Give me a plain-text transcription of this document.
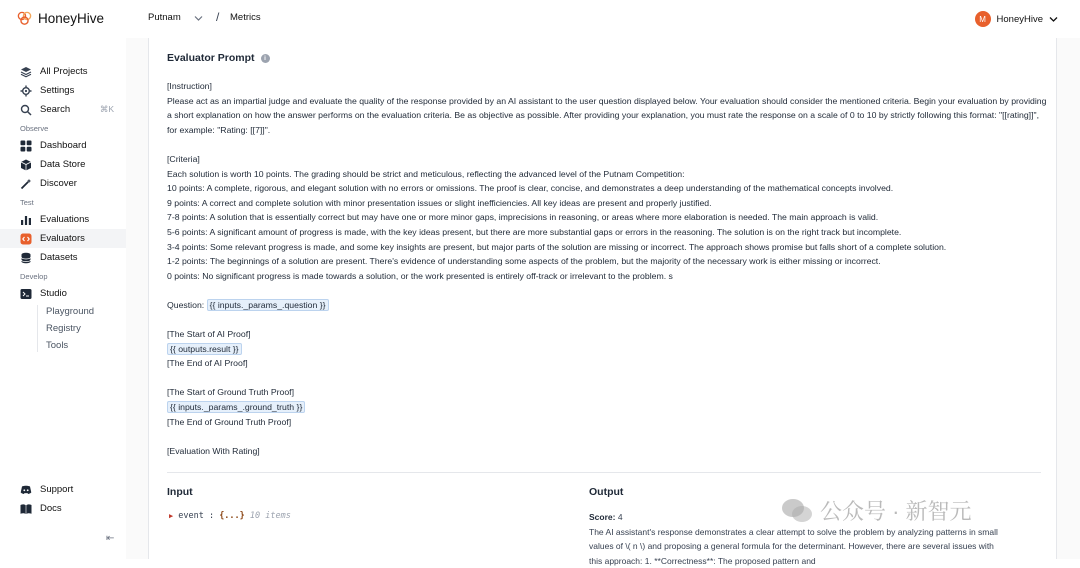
HoneyHive
All Projects
Settings
Search	⌘K
Observe
Dashboard
Data Store
Discover
Test
Evaluations
Evaluators
Datasets
Develop
Studio
Playground
Registry
Tools
Support
Docs
⇤
Putnam	/ Metrics	M	HoneyHive
Evaluator Prompt	i

[Instruction]

Please act as an impartial judge and evaluate the quality of the response provided by an AI assistant to the user question displayed below. Your evaluation should consider the mentioned criteria. Begin your evaluation by providing a short explanation on how the answer performs on the evaluation criteria. Be as objective as possible. After providing your explanation, you must rate the response on a scale of 0 to 10 by strictly following this format: "[[rating]]", for example: "Rating: [[7]]".

[Criteria]

Each solution is worth 10 points. The grading should be strict and meticulous, reflecting the advanced level of the Putnam Competition:

10 points: A complete, rigorous, and elegant solution with no errors or omissions. The proof is clear, concise, and demonstrates a deep understanding of the mathematical concepts involved.

9 points: A correct and complete solution with minor presentation issues or slight inefficiencies. All key ideas are present and properly justified.

7-8 points: A solution that is essentially correct but may have one or more minor gaps, imprecisions in reasoning, or areas where more elaboration is needed. The main approach is valid.

5-6 points: A significant amount of progress is made, with the key ideas present, but there are more substantial gaps or errors in the reasoning. The solution is on the right track but incomplete.

3-4 points: Some relevant progress is made, and some key insights are present, but major parts of the solution are missing or incorrect. The approach shows promise but falls short of a complete solution.

1-2 points: The beginnings of a solution are present. There's evidence of understanding some aspects of the problem, but the majority of the necessary work is either missing or incorrect.

0 points: No significant progress is made towards a solution, or the work presented is entirely off-track or irrelevant to the problem. s

Question: {{ inputs._params_.question }}

[The Start of AI Proof]

{{ outputs.result }}

[The End of AI Proof]

[The Start of Ground Truth Proof]

{{ inputs._params_.ground_truth }}

[The End of Ground Truth Proof]

[Evaluation With Rating]

Input
▶ event : {...} 10 items
Output
Score: 4
The AI assistant's response demonstrates a clear attempt to solve the problem by analyzing patterns in small values of \( n \) and proposing a general formula for the determinant. However, there are several issues with this approach: 1. **Correctness**: The proposed pattern and
公众号 · 新智元
